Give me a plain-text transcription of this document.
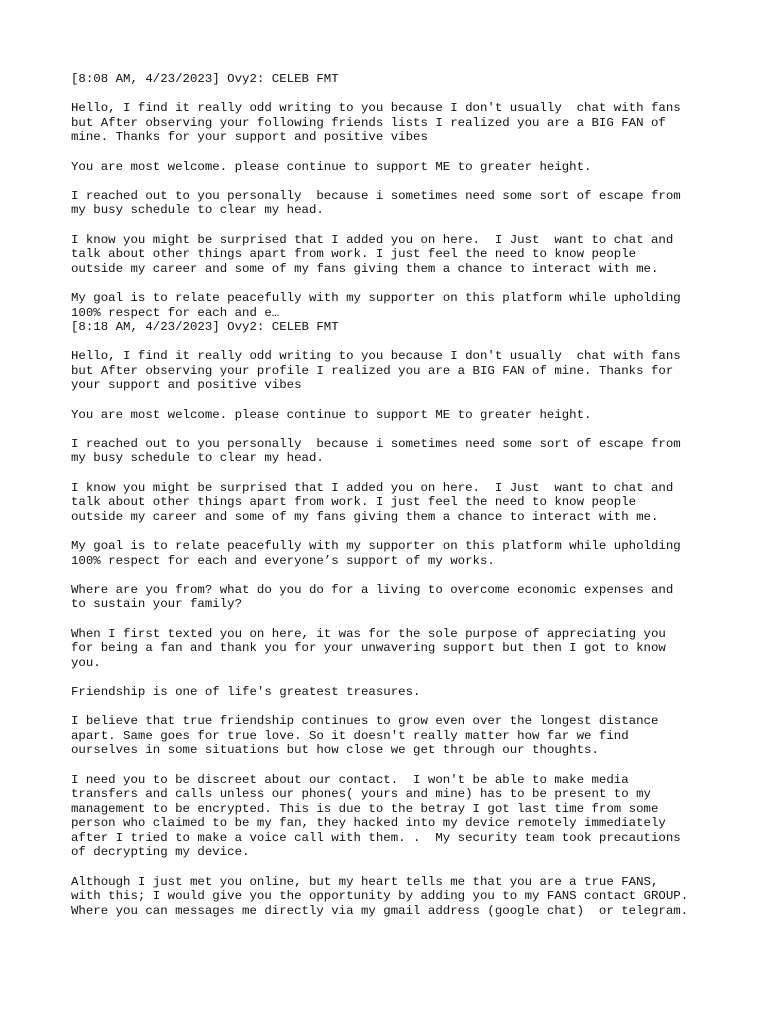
[8:08 AM, 4/23/2023] Ovy2: CELEB FMT
Hello, I find it really odd writing to you because I don't usually  chat with fans
but After observing your following friends lists I realized you are a BIG FAN of
mine. Thanks for your support and positive vibes
You are most welcome. please continue to support ME to greater height.
I reached out to you personally  because i sometimes need some sort of escape from
my busy schedule to clear my head.
I know you might be surprised that I added you on here.  I Just  want to chat and
talk about other things apart from work. I just feel the need to know people
outside my career and some of my fans giving them a chance to interact with me.
My goal is to relate peacefully with my supporter on this platform while upholding
100% respect for each and e…
[8:18 AM, 4/23/2023] Ovy2: CELEB FMT
Hello, I find it really odd writing to you because I don't usually  chat with fans
but After observing your profile I realized you are a BIG FAN of mine. Thanks for
your support and positive vibes
You are most welcome. please continue to support ME to greater height.
I reached out to you personally  because i sometimes need some sort of escape from
my busy schedule to clear my head.
I know you might be surprised that I added you on here.  I Just  want to chat and
talk about other things apart from work. I just feel the need to know people
outside my career and some of my fans giving them a chance to interact with me.
My goal is to relate peacefully with my supporter on this platform while upholding
100% respect for each and everyone’s support of my works.
Where are you from? what do you do for a living to overcome economic expenses and
to sustain your family?
When I first texted you on here, it was for the sole purpose of appreciating you
for being a fan and thank you for your unwavering support but then I got to know
you.
Friendship is one of life's greatest treasures.
I believe that true friendship continues to grow even over the longest distance
apart. Same goes for true love. So it doesn't really matter how far we find
ourselves in some situations but how close we get through our thoughts.
I need you to be discreet about our contact.  I won't be able to make media
transfers and calls unless our phones( yours and mine) has to be present to my
management to be encrypted. This is due to the betray I got last time from some
person who claimed to be my fan, they hacked into my device remotely immediately
after I tried to make a voice call with them. .  My security team took precautions
of decrypting my device.
Although I just met you online, but my heart tells me that you are a true FANS,
with this; I would give you the opportunity by adding you to my FANS contact GROUP.
Where you can messages me directly via my gmail address (google chat)  or telegram.
